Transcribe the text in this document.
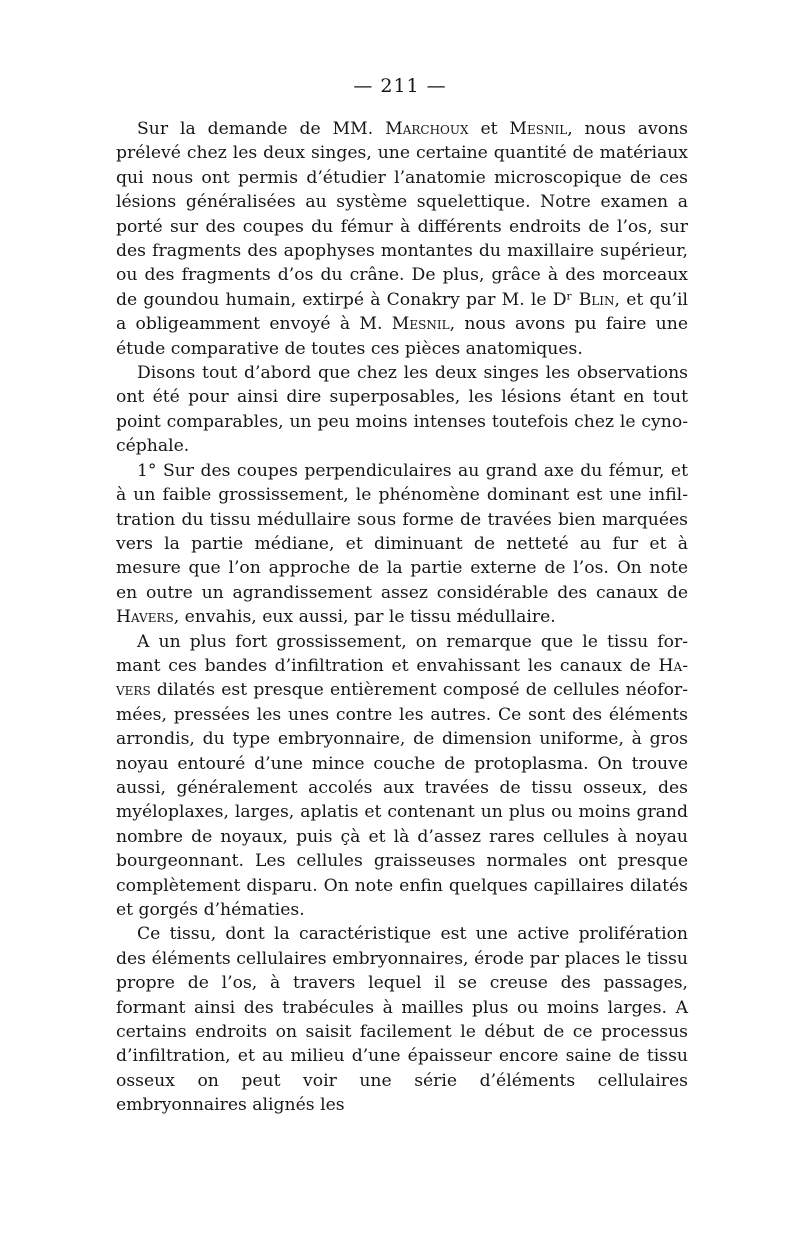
— 211 —

Sur la demande de MM. Marchoux et Mesnil, nous avons prélevé chez les deux singes, une certaine quantité de matériaux qui nous ont permis d’étudier l’anatomie microscopique de ces lésions généralisées au système squelettique. Notre examen a porté sur des coupes du fémur à différents endroits de l’os, sur des fragments des apophyses montantes du maxillaire supérieur, ou des fragments d’os du crâne. De plus, grâce à des morceaux de goundou humain, extirpé à Conakry par M. le Dʳ Blin, et qu’il a obligeamment envoyé à M. Mesnil, nous avons pu faire une étude comparative de toutes ces pièces anatomiques.

Disons tout d’abord que chez les deux singes les observations ont été pour ainsi dire superposables, les lésions étant en tout point comparables, un peu moins intenses toutefois chez le cynocéphale.

1° Sur des coupes perpendiculaires au grand axe du fémur, et à un faible grossissement, le phénomène dominant est une infiltration du tissu médullaire sous forme de travées bien marquées vers la partie médiane, et diminuant de netteté au fur et à mesure que l’on approche de la partie externe de l’os. On note en outre un agrandissement assez considérable des canaux de Havers, envahis, eux aussi, par le tissu médullaire.

A un plus fort grossissement, on remarque que le tissu formant ces bandes d’infiltration et envahissant les canaux de Havers dilatés est presque entièrement composé de cellules néoformées, pressées les unes contre les autres. Ce sont des éléments arrondis, du type embryonnaire, de dimension uniforme, à gros noyau entouré d’une mince couche de protoplasma. On trouve aussi, généralement accolés aux travées de tissu osseux, des myéloplaxes, larges, aplatis et contenant un plus ou moins grand nombre de noyaux, puis çà et là d’assez rares cellules à noyau bourgeonnant. Les cellules graisseuses normales ont presque complètement disparu. On note enfin quelques capillaires dilatés et gorgés d’hématies.

Ce tissu, dont la caractéristique est une active prolifération des éléments cellulaires embryonnaires, érode par places le tissu propre de l’os, à travers lequel il se creuse des passages, formant ainsi des trabécules à mailles plus ou moins larges. A certains endroits on saisit facilement le début de ce processus d’infiltration, et au milieu d’une épaisseur encore saine de tissu osseux on peut voir une série d’éléments cellulaires embryonnaires alignés les
